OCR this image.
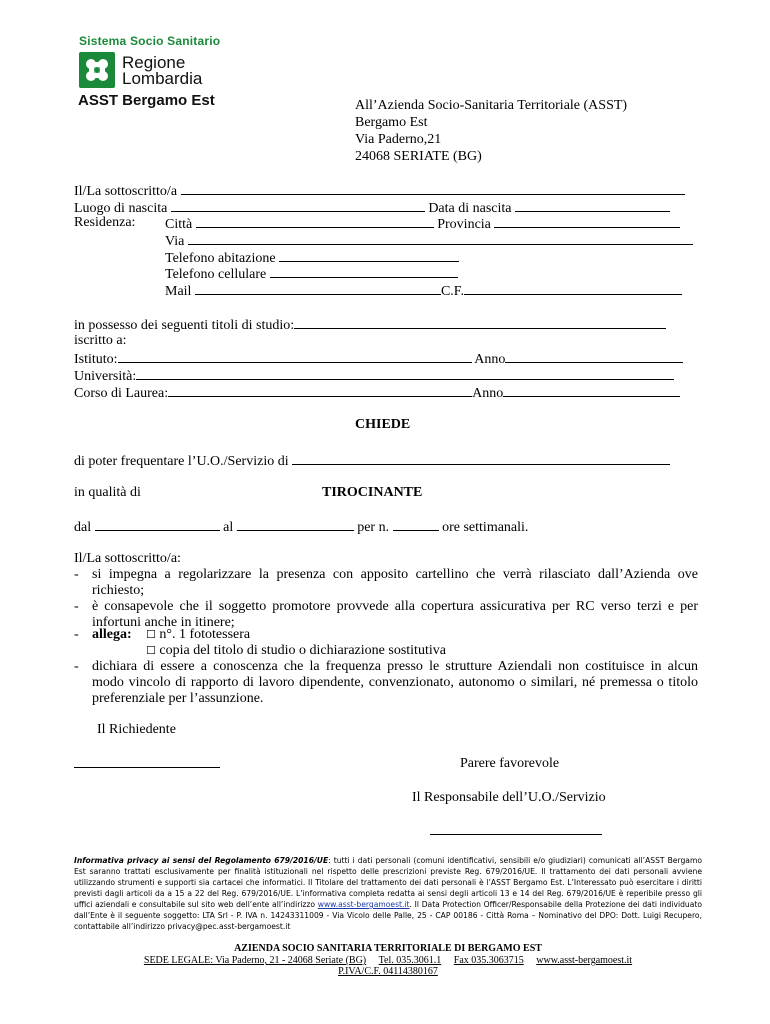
Sistema Socio Sanitario
Regione
Lombardia
ASST Bergamo Est	All’Azienda Socio-Sanitaria Territoriale (ASST)
Bergamo Est
Via Paderno,21
24068 SERIATE (BG)
Il/La sottoscritto/a
Luogo di nascita	Data di nascita
Residenza: Città	Provincia
Via
Telefono abitazione
Telefono cellulare
Mail	C.F.
in possesso dei seguenti titoli di studio:
iscritto a:
Istituto:	Anno
Università:
Corso di Laurea:	Anno
CHIEDE
di poter frequentare l’U.O./Servizio di
in qualità di	TIROCINANTE
dal	al	per n.	ore settimanali.
Il/La sottoscritto/a:
- si impegna a regolarizzare la presenza con apposito cartellino che verrà rilasciato dall’Azienda ove
richiesto;
- è consapevole che il soggetto promotore provvede alla copertura assicurativa per RC verso terzi e per
infortuni anche in itinere;
- allega: ☐ n°. 1 fototessera
☐ copia del titolo di studio o dichiarazione sostitutiva
- dichiara di essere a conoscenza che la frequenza presso le strutture Aziendali non costituisce in alcun
modo vincolo di rapporto di lavoro dipendente, convenzionato, autonomo o similari, né premessa o titolo
preferenziale per l’assunzione.
Il Richiedente
Parere favorevole
Il Responsabile dell’U.O./Servizio
Informativa privacy ai sensi del Regolamento 679/2016/UE: tutti i dati personali (comuni identificativi, sensibili e/o giudiziari) comunicati all’ASST Bergamo Est saranno trattati esclusivamente per finalità istituzionali nel rispetto delle prescrizioni previste Reg. 679/2016/UE. Il trattamento dei dati personali avviene utilizzando strumenti e supporti sia cartacei che informatici. Il Titolare del trattamento dei dati personali è l’ASST Bergamo Est. L’Interessato può esercitare i diritti previsti dagli articoli da a 15 a 22 del Reg. 679/2016/UE. L’informativa completa redatta ai sensi degli articoli 13 e 14 del Reg. 679/2016/UE è reperibile presso gli uffici aziendali e consultabile sul sito web dell’ente all’indirizzo www.asst-bergamoest.it. Il Data Protection Officer/Responsabile della Protezione dei dati individuato dall’Ente è il seguente soggetto: LTA Srl - P. IVA n. 14243311009 - Via Vicolo delle Palle, 25 - CAP 00186 - Città Roma – Nominativo del DPO: Dott. Luigi Recupero, contattabile all’indirizzo privacy@pec.asst-bergamoest.it
AZIENDA SOCIO SANITARIA TERRITORIALE DI BERGAMO EST
SEDE LEGALE: Via Paderno, 21 - 24068 Seriate (BG) Tel. 035.3061.1 Fax 035.3063715 www.asst-bergamoest.it
P.IVA/C.F. 04114380167
